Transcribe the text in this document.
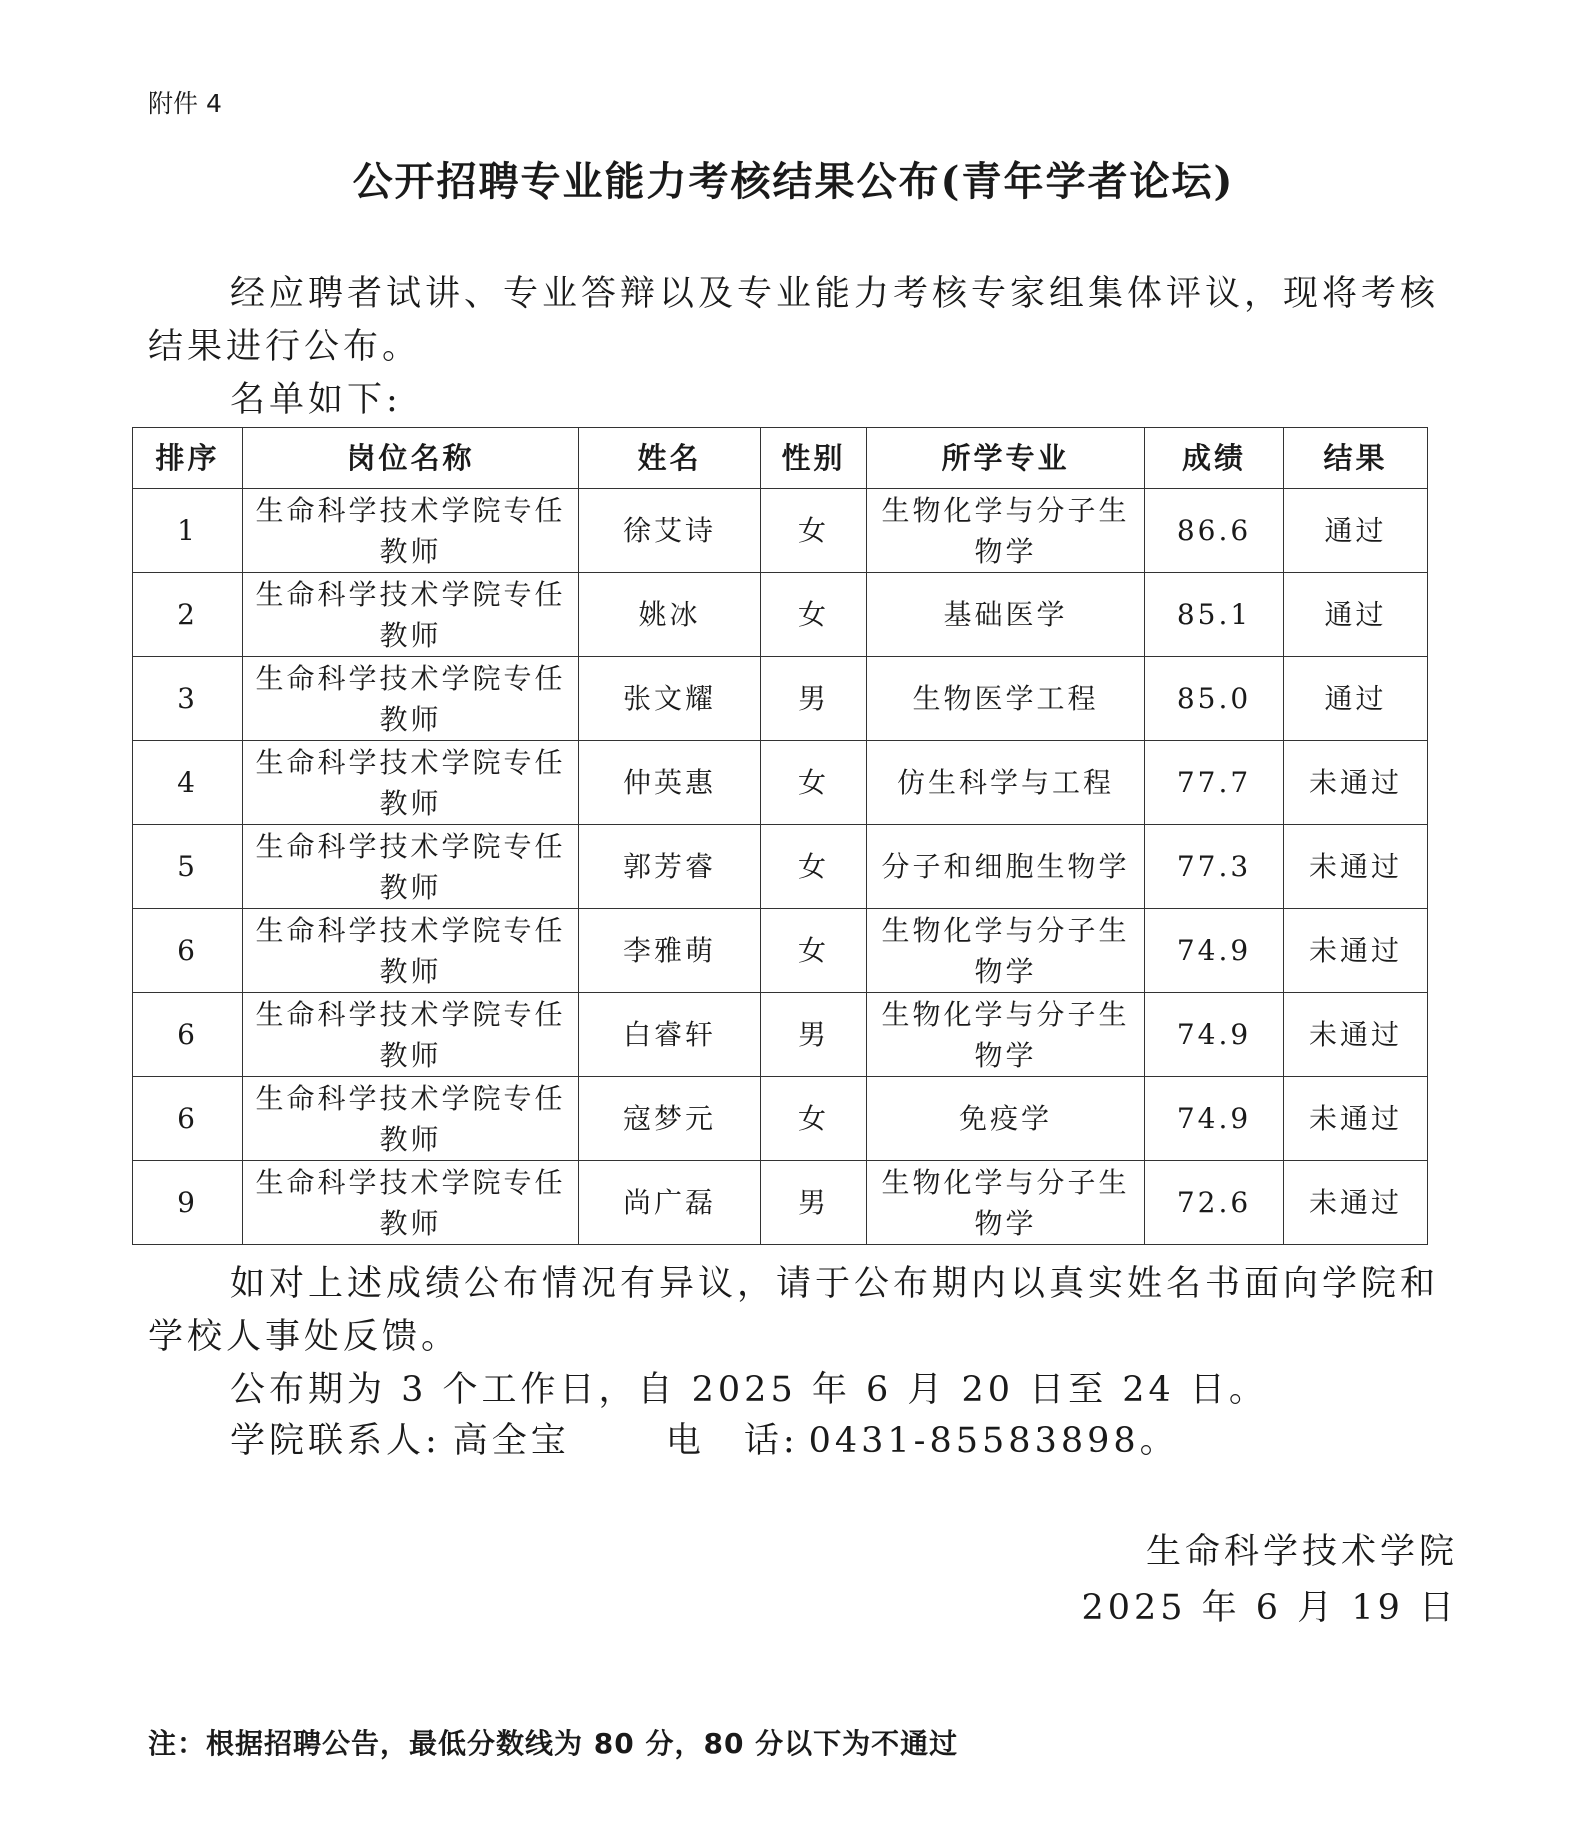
附件 4
公开招聘专业能力考核结果公布(青年学者论坛)
经应聘者试讲、专业答辩以及专业能力考核专家组集体评议，现将考核结果进行公布。
名单如下:
排序	岗位名称	姓名	性别	所学专业	成绩	结果
1	生命科学技术学院专任教师	徐艾诗	女	生物化学与分子生物学	86.6	通过
2	生命科学技术学院专任教师	姚冰	女	基础医学	85.1	通过
3	生命科学技术学院专任教师	张文耀	男	生物医学工程	85.0	通过
4	生命科学技术学院专任教师	仲英惠	女	仿生科学与工程	77.7	未通过
5	生命科学技术学院专任教师	郭芳睿	女	分子和细胞生物学	77.3	未通过
6	生命科学技术学院专任教师	李雅萌	女	生物化学与分子生物学	74.9	未通过
6	生命科学技术学院专任教师	白睿轩	男	生物化学与分子生物学	74.9	未通过
6	生命科学技术学院专任教师	寇梦元	女	免疫学	74.9	未通过
9	生命科学技术学院专任教师	尚广磊	男	生物化学与分子生物学	72.6	未通过
如对上述成绩公布情况有异议，请于公布期内以真实姓名书面向学院和学校人事处反馈。
公布期为 3 个工作日，自 2025 年 6 月 20 日至 24 日。
学院联系人: 高全宝	电　话: 0431-85583898。
生命科学技术学院
2025 年 6 月 19 日
注：根据招聘公告，最低分数线为 80 分，80 分以下为不通过
